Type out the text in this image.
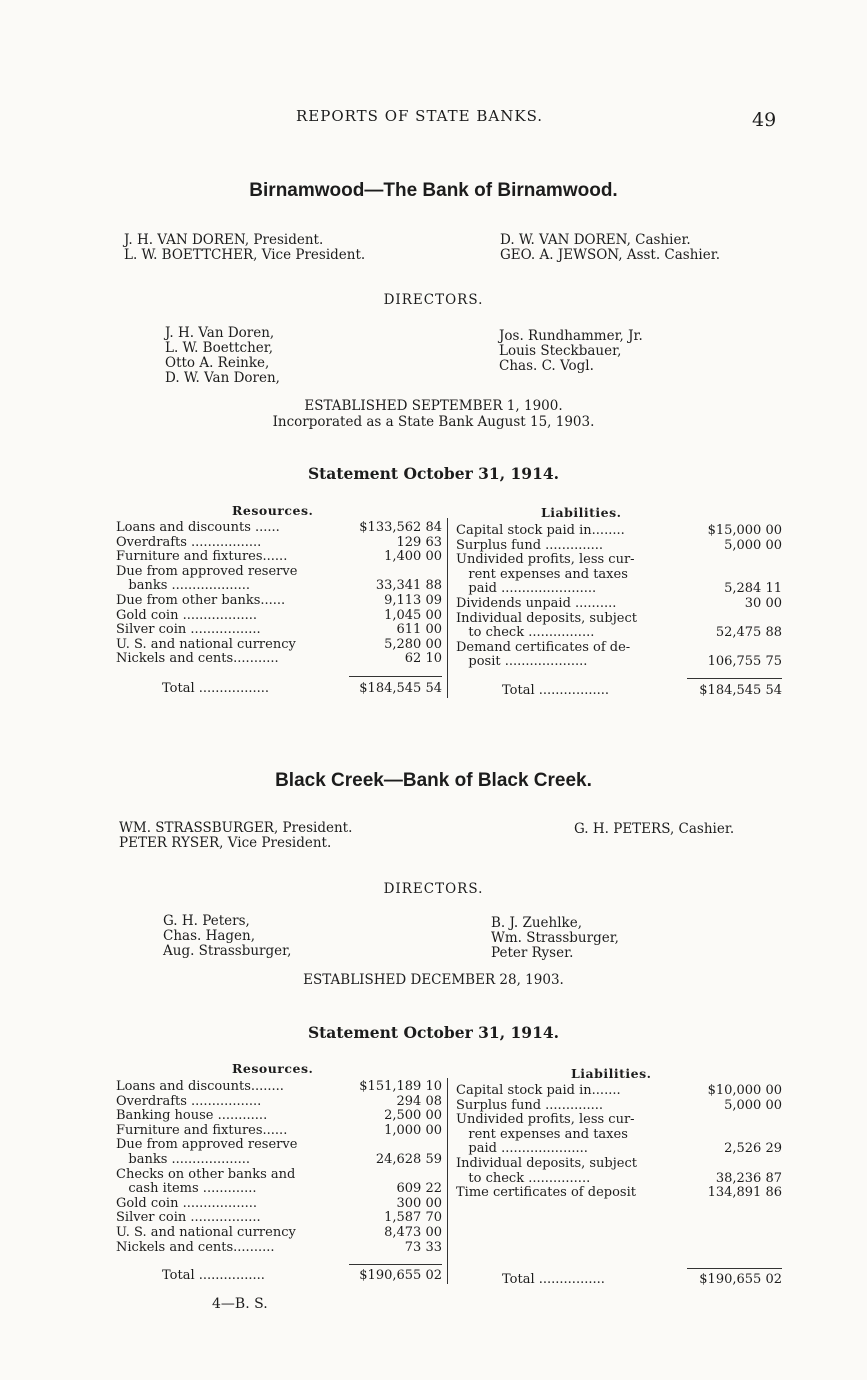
REPORTS OF STATE BANKS.	49
Birnamwood—The Bank of Birnamwood.
J. H. VAN DOREN, President.
L. W. BOETTCHER, Vice President.
D. W. VAN DOREN, Cashier.
GEO. A. JEWSON, Asst. Cashier.
DIRECTORS.
J. H. Van Doren,
L. W. Boettcher,
Otto A. Reinke,
D. W. Van Doren,
Jos. Rundhammer, Jr.
Louis Steckbauer,
Chas. C. Vogl.
ESTABLISHED SEPTEMBER 1, 1900.
Incorporated as a State Bank August 15, 1903.
Statement October 31, 1914.
Resources.	Liabilities.
Loans and discounts ......	$133,562 84
Overdrafts .................	129 63
Furniture and fixtures......	1,400 00
Due from approved reserve
banks ...................	33,341 88
Due from other banks......	9,113 09
Gold coin ..................	1,045 00
Silver coin .................	611 00
U. S. and national currency	5,280 00
Nickels and cents...........	62 10
Capital stock paid in........	$15,000 00
Surplus fund ..............	5,000 00
Undivided profits, less cur-
rent expenses and taxes
paid .......................	5,284 11
Dividends unpaid ..........	30 00
Individual deposits, subject
to check ................	52,475 88
Demand certificates of de-
posit ....................	106,755 75
Total .................	$184,545 54	Total .................	$184,545 54
Black Creek—Bank of Black Creek.
WM. STRASSBURGER, President.
PETER RYSER, Vice President.
G. H. PETERS, Cashier.
DIRECTORS.
G. H. Peters,
Chas. Hagen,
Aug. Strassburger,
B. J. Zuehlke,
Wm. Strassburger,
Peter Ryser.
ESTABLISHED DECEMBER 28, 1903.
Statement October 31, 1914.
Resources.	Liabilities.
Loans and discounts........	$151,189 10
Overdrafts .................	294 08
Banking house ............	2,500 00
Furniture and fixtures......	1,000 00
Due from approved reserve
banks ...................	24,628 59
Checks on other banks and
cash items .............	609 22
Gold coin ..................	300 00
Silver coin .................	1,587 70
U. S. and national currency	8,473 00
Nickels and cents..........	73 33
Capital stock paid in.......	$10,000 00
Surplus fund ..............	5,000 00
Undivided profits, less cur-
rent expenses and taxes
paid .....................	2,526 29
Individual deposits, subject
to check ...............	38,236 87
Time certificates of deposit	134,891 86
Total ................	$190,655 02	Total ................	$190,655 02
4—B. S.
